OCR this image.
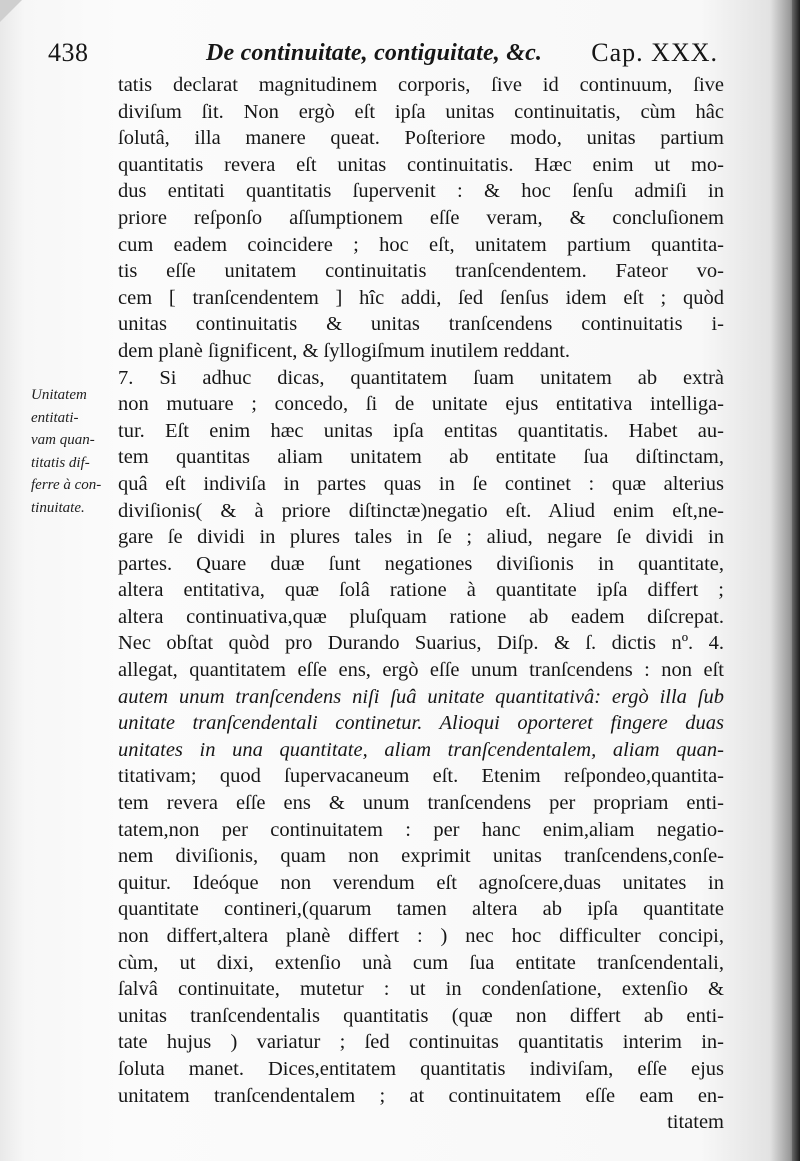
438	De continuitate, contiguitate, &c. Cap. XXX.
Unitatem
entitati-
vam quan-
titatis dif-
ferre à con-
tinuitate.
tatis declarat magnitudinem corporis, ſive id continuum, ſive
diviſum ſit. Non ergò eſt ipſa unitas continuitatis, cùm hâc
ſolutâ, illa manere queat. Poſteriore modo, unitas partium
quantitatis revera eſt unitas continuitatis. Hæc enim ut mo-
dus entitati quantitatis ſupervenit : & hoc ſenſu admiſi in
priore reſponſo aſſumptionem eſſe veram, & concluſionem
cum eadem coincidere ; hoc eſt, unitatem partium quantita-
tis eſſe unitatem continuitatis tranſcendentem. Fateor vo-
cem [ tranſcendentem ] hîc addi, ſed ſenſus idem eſt ; quòd
unitas continuitatis & unitas tranſcendens continuitatis i-
dem planè ſignificent, & ſyllogiſmum inutilem reddant.
7. Si adhuc dicas, quantitatem ſuam unitatem ab extrà
non mutuare ; concedo, ſi de unitate ejus entitativa intelliga-
tur. Eſt enim hæc unitas ipſa entitas quantitatis. Habet au-
tem quantitas aliam unitatem ab entitate ſua diſtinctam,
quâ eſt indiviſa in partes quas in ſe continet : quæ alterius
diviſionis( & à priore diſtinctæ)negatio eſt. Aliud enim eſt,ne-
gare ſe dividi in plures tales in ſe ; aliud, negare ſe dividi in
partes. Quare duæ ſunt negationes diviſionis in quantitate,
altera entitativa, quæ ſolâ ratione à quantitate ipſa differt ;
altera continuativa,quæ pluſquam ratione ab eadem diſcrepat.
Nec obſtat quòd pro Durando Suarius, Diſp. & ſ. dictis nº. 4.
allegat, quantitatem eſſe ens, ergò eſſe unum tranſcendens : non eſt
autem unum tranſcendens niſi ſuâ unitate quantitativâ: ergò illa ſub
unitate tranſcendentali continetur. Alioqui oporteret fingere duas
unitates in una quantitate, aliam tranſcendentalem, aliam quan-
titativam; quod ſupervacaneum eſt. Etenim reſpondeo,quantita-
tem revera eſſe ens & unum tranſcendens per propriam enti-
tatem,non per continuitatem : per hanc enim,aliam negatio-
nem diviſionis, quam non exprimit unitas tranſcendens,conſe-
quitur. Ideóque non verendum eſt agnoſcere,duas unitates in
quantitate contineri,(quarum tamen altera ab ipſa quantitate
non differt,altera planè differt : ) nec hoc difficulter concipi,
cùm, ut dixi, extenſio unà cum ſua entitate tranſcendentali,
ſalvâ continuitate, mutetur : ut in condenſatione, extenſio &
unitas tranſcendentalis quantitatis (quæ non differt ab enti-
tate hujus ) variatur ; ſed continuitas quantitatis interim in-
ſoluta manet. Dices,entitatem quantitatis indiviſam, eſſe ejus
unitatem tranſcendentalem ; at continuitatem eſſe eam en-
titatem
